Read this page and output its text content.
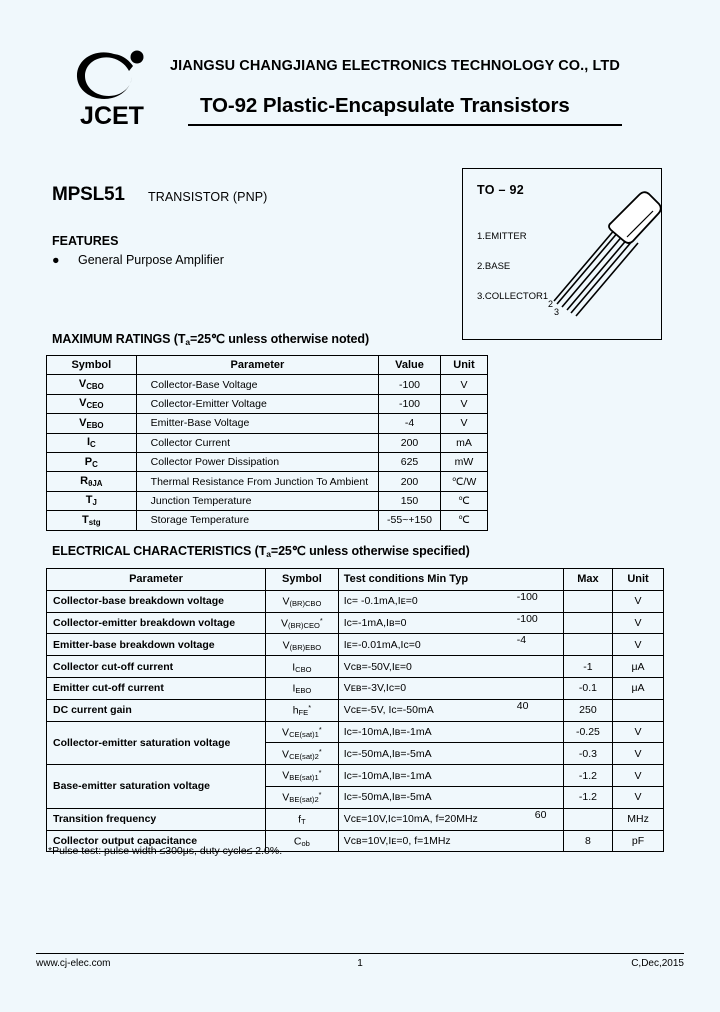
JCET
JIANGSU CHANGJIANG ELECTRONICS TECHNOLOGY CO., LTD
TO-92 Plastic-Encapsulate Transistors
MPSL51 TRANSISTOR (PNP)
FEATURES
● General Purpose Amplifier
TO – 92
1.EMITTER
2.BASE
3.COLLECTOR 1
2
3
MAXIMUM RATINGS ($T_a=25℃$ unless otherwise noted)
Symbol	Parameter	Value	Unit
$V_{CBO}$	Collector-Base Voltage	-100	V
$V_{CEO}$	Collector-Emitter Voltage	-100	V
$V_{EBO}$	Emitter-Base Voltage	-4	V
$I_C$	Collector Current	200	mA
$P_C$	Collector Power Dissipation	625	mW
$R_{\theta JA}$	Thermal Resistance From Junction To Ambient	200	℃/W
$T_J$	Junction Temperature	150	℃
$T_{stg}$	Storage Temperature	-55~+150	℃
ELECTRICAL CHARACTERISTICS ($T_a=25℃$ unless otherwise specified)
Parameter	Symbol	Test conditions Min Typ	Max	Unit
Collector-base breakdown voltage	$V_{(BR)CBO}$	Iᴄ= -0.1mA,Iᴇ=0 -100		V
Collector-emitter breakdown voltage	$V_{(BR)CEO}^*$	Iᴄ=-1mA,Iʙ=0 -100		V
Emitter-base breakdown voltage	$V_{(BR)EBO}$	Iᴇ=-0.01mA,Iᴄ=0 -4		V
Collector cut-off current	$I_{CBO}$	Vᴄʙ=-50V,Iᴇ=0	-1	μA
Emitter cut-off current	$I_{EBO}$	Vᴇʙ=-3V,Iᴄ=0	-0.1	μA
DC current gain	$h_{FE}^*$	Vᴄᴇ=-5V, Iᴄ=-50mA 40	250	
Collector-emitter saturation voltage	$V_{CE(sat)1}^*$	Iᴄ=-10mA,Iʙ=-1mA	-0.25	V
	$V_{CE(sat)2}^*$	Iᴄ=-50mA,Iʙ=-5mA	-0.3	V
Base-emitter saturation voltage	$V_{BE(sat)1}^*$	Iᴄ=-10mA,Iʙ=-1mA	-1.2	V
	$V_{BE(sat)2}^*$	Iᴄ=-50mA,Iʙ=-5mA	-1.2	V
Transition frequency	$f_T$	Vᴄᴇ=10V,Iᴄ=10mA, f=20MHz 60		MHz
Collector output capacitance	$C_{ob}$	Vᴄʙ=10V,Iᴇ=0, f=1MHz	8	pF
*Pulse test: pulse width ≤300μs, duty cycle≤ 2.0%.
www.cj-elec.com	1	C,Dec,2015
